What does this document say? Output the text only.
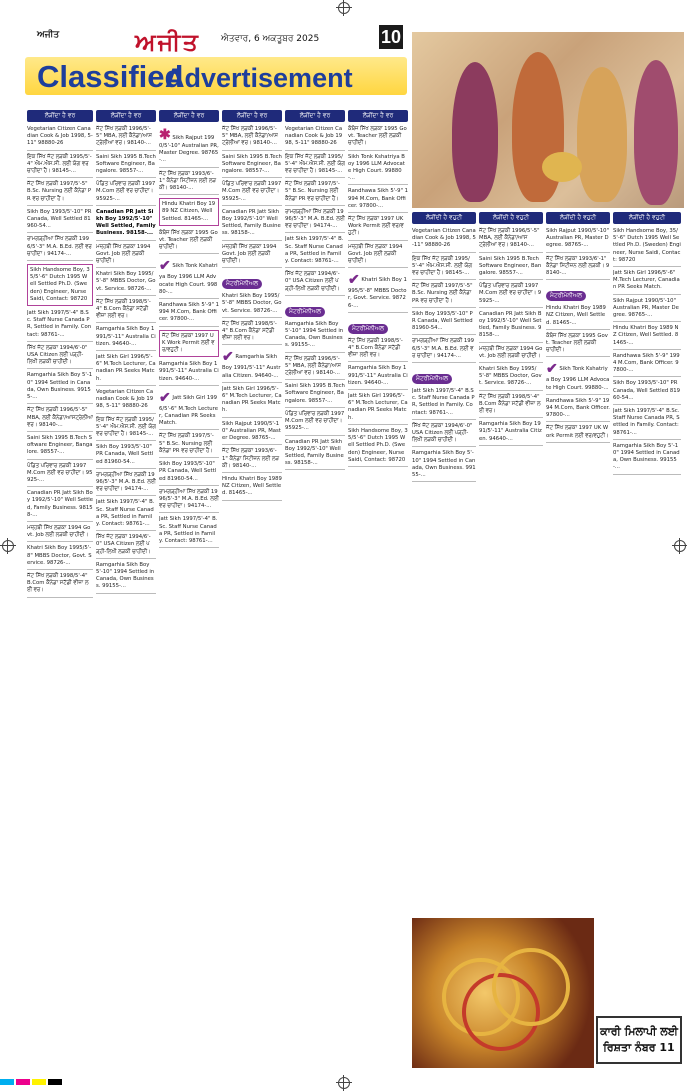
ਅਜੀਤ	ਅਜੀਤ ਐਤਵਾਰ, 6 ਅਕਤੂਬਰ 2025	10
Classified
Advertisement
ਲੋੜੀਂਦਾ ਹੈ ਵਰ
Vegetarian Citizen Canadian Cook & Job 1998, 5-11" 98880-26
ਇਕ ਸਿੱਖ ਜੱਟ ਲੜਕੀ 1995/5'-4" ਐਮ.ਐਸ.ਸੀ. ਲਈ ਯੋਗ ਵਰ ਚਾਹੀਦਾ ਹੈ। 98145-...
ਜੱਟ ਸਿੱਖ ਲੜਕੀ 1997/5'-5" B.Sc. Nursing ਲਈ ਕੈਨੇਡਾ PR ਵਰ ਚਾਹੀਦਾ ਹੈ।
Sikh Boy 1993/5'-10" PR Canada, Well Settled 81960-54...
ਰਾਮਗੜ੍ਹੀਆ ਸਿੱਖ ਲੜਕੀ 1996/5'-3" M.A. B.Ed. ਲਈ ਵਰ ਚਾਹੀਦਾ। 94174-...
Sikh Handsome Boy, 35/5'-6" Dutch 1995 Well Settled Ph.D. (Sweden) Engineer, Nurse Saidi, Contact: 98720
Jatt Sikh 1997/5'-4" B.Sc. Staff Nurse Canada PR, Settled in Family. Contact: 98761-...
ਸਿੱਖ ਜੱਟ ਲੜਕਾ 1994/6'-0" USA Citizen ਲਈ ਪੜ੍ਹੀ-ਲਿਖੀ ਲੜਕੀ ਚਾਹੀਦੀ।
Ramgarhia Sikh Boy 5'-10" 1994 Settled in Canada, Own Business. 99155-...
ਜੱਟ ਸਿੱਖ ਲੜਕੀ 1996/5'-5" MBA, ਲਈ ਕੈਨੇਡਾ/ਆਸਟ੍ਰੇਲੀਆ ਵਰ। 98140-...
Saini Sikh 1995 B.Tech Software Engineer, Bangalore. 98557-...
ਪੰਡਿਤ ਪਰਿਵਾਰ ਲੜਕੀ 1997 M.Com ਲਈ ਵਰ ਚਾਹੀਦਾ। 95925-...
Canadian PR Jatt Sikh Boy 1992/5'-10" Well Settled, Family Business. 98158-...
ਮਜ਼੍ਹਬੀ ਸਿੱਖ ਲੜਕਾ 1994 Govt. Job ਲਈ ਲੜਕੀ ਚਾਹੀਦੀ।
Khatri Sikh Boy 1995/5'-8" MBBS Doctor, Govt. Service. 98726-...
ਜੱਟ ਸਿੱਖ ਲੜਕੀ 1998/5'-4" B.Com ਕੈਨੇਡਾ ਸਟੱਡੀ ਵੀਜ਼ਾ ਲਈ ਵਰ।
ਲੋੜੀਂਦਾ ਹੈ ਵਰ
ਜੱਟ ਸਿੱਖ ਲੜਕੀ 1996/5'-5" MBA, ਲਈ ਕੈਨੇਡਾ/ਆਸਟ੍ਰੇਲੀਆ ਵਰ। 98140-...
Saini Sikh 1995 B.Tech Software Engineer, Bangalore. 98557-...
ਪੰਡਿਤ ਪਰਿਵਾਰ ਲੜਕੀ 1997 M.Com ਲਈ ਵਰ ਚਾਹੀਦਾ। 95925-...
Canadian PR Jatt Sikh Boy 1992/5'-10" Well Settled, Family Business. 98158-...
ਮਜ਼੍ਹਬੀ ਸਿੱਖ ਲੜਕਾ 1994 Govt. Job ਲਈ ਲੜਕੀ ਚਾਹੀਦੀ।
Khatri Sikh Boy 1995/5'-8" MBBS Doctor, Govt. Service. 98726-...
ਜੱਟ ਸਿੱਖ ਲੜਕੀ 1998/5'-4" B.Com ਕੈਨੇਡਾ ਸਟੱਡੀ ਵੀਜ਼ਾ ਲਈ ਵਰ।
Ramgarhia Sikh Boy 1991/5'-11" Australia Citizen. 94640-...
Jatt Sikh Girl 1996/5'-6" M.Tech Lecturer, Canadian PR Seeks Match.
Vegetarian Citizen Canadian Cook & Job 1998, 5-11" 98880-26
ਇਕ ਸਿੱਖ ਜੱਟ ਲੜਕੀ 1995/5'-4" ਐਮ.ਐਸ.ਸੀ. ਲਈ ਯੋਗ ਵਰ ਚਾਹੀਦਾ ਹੈ। 98145-...
Sikh Boy 1993/5'-10" PR Canada, Well Settled 81960-54...
ਰਾਮਗੜ੍ਹੀਆ ਸਿੱਖ ਲੜਕੀ 1996/5'-3" M.A. B.Ed. ਲਈ ਵਰ ਚਾਹੀਦਾ। 94174-...
Jatt Sikh 1997/5'-4" B.Sc. Staff Nurse Canada PR, Settled in Family. Contact: 98761-...
ਸਿੱਖ ਜੱਟ ਲੜਕਾ 1994/6'-0" USA Citizen ਲਈ ਪੜ੍ਹੀ-ਲਿਖੀ ਲੜਕੀ ਚਾਹੀਦੀ।
Ramgarhia Sikh Boy 5'-10" 1994 Settled in Canada, Own Business. 99155-...
ਲੋੜੀਂਦਾ ਹੈ ਵਰ
✱ Sikh Rajput 1990/5'-10" Australian PR, Master Degree. 98765-...
ਜੱਟ ਸਿੱਖ ਲੜਕਾ 1993/6'-1" ਕੈਨੇਡਾ ਸਿਟੀਜ਼ਨ ਲਈ ਲੜਕੀ। 98140-...
Hindu Khatri Boy 1989 NZ Citizen, Well Settled. 81465-...
ਕੰਬੋਜ ਸਿੱਖ ਲੜਕਾ 1995 Govt. Teacher ਲਈ ਲੜਕੀ ਚਾਹੀਦੀ।
✔ Sikh Tonk Kshatriya Boy 1996 LLM Advocate High Court. 99880-...
Randhawa Sikh 5'-9" 1994 M.Com, Bank Officer. 97800-...
ਜੱਟ ਸਿੱਖ ਲੜਕਾ 1997 UK Work Permit ਲਈ ਵਰ/ਵਹੁਟੀ।
Ramgarhia Sikh Boy 1991/5'-11" Australia Citizen. 94640-...
✔ Jatt Sikh Girl 1996/5'-6" M.Tech Lecturer, Canadian PR Seeks Match.
ਜੱਟ ਸਿੱਖ ਲੜਕੀ 1997/5'-5" B.Sc. Nursing ਲਈ ਕੈਨੇਡਾ PR ਵਰ ਚਾਹੀਦਾ ਹੈ।
Sikh Boy 1993/5'-10" PR Canada, Well Settled 81960-54...
ਰਾਮਗੜ੍ਹੀਆ ਸਿੱਖ ਲੜਕੀ 1996/5'-3" M.A. B.Ed. ਲਈ ਵਰ ਚਾਹੀਦਾ। 94174-...
Jatt Sikh 1997/5'-4" B.Sc. Staff Nurse Canada PR, Settled in Family. Contact: 98761-...
ਲੋੜੀਂਦਾ ਹੈ ਵਰ
ਜੱਟ ਸਿੱਖ ਲੜਕੀ 1996/5'-5" MBA, ਲਈ ਕੈਨੇਡਾ/ਆਸਟ੍ਰੇਲੀਆ ਵਰ। 98140-...
Saini Sikh 1995 B.Tech Software Engineer, Bangalore. 98557-...
ਪੰਡਿਤ ਪਰਿਵਾਰ ਲੜਕੀ 1997 M.Com ਲਈ ਵਰ ਚਾਹੀਦਾ। 95925-...
Canadian PR Jatt Sikh Boy 1992/5'-10" Well Settled, Family Business. 98158-...
ਮਜ਼੍ਹਬੀ ਸਿੱਖ ਲੜਕਾ 1994 Govt. Job ਲਈ ਲੜਕੀ ਚਾਹੀਦੀ।
ਮੈਟਰੀਮੋਨੀਅਲ
Khatri Sikh Boy 1995/5'-8" MBBS Doctor, Govt. Service. 98726-...
ਜੱਟ ਸਿੱਖ ਲੜਕੀ 1998/5'-4" B.Com ਕੈਨੇਡਾ ਸਟੱਡੀ ਵੀਜ਼ਾ ਲਈ ਵਰ।
✔ Ramgarhia Sikh Boy 1991/5'-11" Australia Citizen. 94640-...
Jatt Sikh Girl 1996/5'-6" M.Tech Lecturer, Canadian PR Seeks Match.
Sikh Rajput 1990/5'-10" Australian PR, Master Degree. 98765-...
ਜੱਟ ਸਿੱਖ ਲੜਕਾ 1993/6'-1" ਕੈਨੇਡਾ ਸਿਟੀਜ਼ਨ ਲਈ ਲੜਕੀ। 98140-...
Hindu Khatri Boy 1989 NZ Citizen, Well Settled. 81465-...
ਲੋੜੀਂਦਾ ਹੈ ਵਰ
Vegetarian Citizen Canadian Cook & Job 1998, 5-11" 98880-26
ਇਕ ਸਿੱਖ ਜੱਟ ਲੜਕੀ 1995/5'-4" ਐਮ.ਐਸ.ਸੀ. ਲਈ ਯੋਗ ਵਰ ਚਾਹੀਦਾ ਹੈ। 98145-...
ਜੱਟ ਸਿੱਖ ਲੜਕੀ 1997/5'-5" B.Sc. Nursing ਲਈ ਕੈਨੇਡਾ PR ਵਰ ਚਾਹੀਦਾ ਹੈ।
ਰਾਮਗੜ੍ਹੀਆ ਸਿੱਖ ਲੜਕੀ 1996/5'-3" M.A. B.Ed. ਲਈ ਵਰ ਚਾਹੀਦਾ। 94174-...
Jatt Sikh 1997/5'-4" B.Sc. Staff Nurse Canada PR, Settled in Family. Contact: 98761-...
ਸਿੱਖ ਜੱਟ ਲੜਕਾ 1994/6'-0" USA Citizen ਲਈ ਪੜ੍ਹੀ-ਲਿਖੀ ਲੜਕੀ ਚਾਹੀਦੀ।
ਮੈਟਰੀਮੋਨੀਅਲ
Ramgarhia Sikh Boy 5'-10" 1994 Settled in Canada, Own Business. 99155-...
ਜੱਟ ਸਿੱਖ ਲੜਕੀ 1996/5'-5" MBA, ਲਈ ਕੈਨੇਡਾ/ਆਸਟ੍ਰੇਲੀਆ ਵਰ। 98140-...
Saini Sikh 1995 B.Tech Software Engineer, Bangalore. 98557-...
ਪੰਡਿਤ ਪਰਿਵਾਰ ਲੜਕੀ 1997 M.Com ਲਈ ਵਰ ਚਾਹੀਦਾ। 95925-...
Canadian PR Jatt Sikh Boy 1992/5'-10" Well Settled, Family Business. 98158-...
ਲੋੜੀਂਦਾ ਹੈ ਵਰ
ਕੰਬੋਜ ਸਿੱਖ ਲੜਕਾ 1995 Govt. Teacher ਲਈ ਲੜਕੀ ਚਾਹੀਦੀ।
Sikh Tonk Kshatriya Boy 1996 LLM Advocate High Court. 99880-...
Randhawa Sikh 5'-9" 1994 M.Com, Bank Officer. 97800-...
ਜੱਟ ਸਿੱਖ ਲੜਕਾ 1997 UK Work Permit ਲਈ ਵਰ/ਵਹੁਟੀ।
ਮਜ਼੍ਹਬੀ ਸਿੱਖ ਲੜਕਾ 1994 Govt. Job ਲਈ ਲੜਕੀ ਚਾਹੀਦੀ।
✔ Khatri Sikh Boy 1995/5'-8" MBBS Doctor, Govt. Service. 98726-...
ਮੈਟਰੀਮੋਨੀਅਲ
ਜੱਟ ਸਿੱਖ ਲੜਕੀ 1998/5'-4" B.Com ਕੈਨੇਡਾ ਸਟੱਡੀ ਵੀਜ਼ਾ ਲਈ ਵਰ।
Ramgarhia Sikh Boy 1991/5'-11" Australia Citizen. 94640-...
Jatt Sikh Girl 1996/5'-6" M.Tech Lecturer, Canadian PR Seeks Match.
Sikh Handsome Boy, 35/5'-6" Dutch 1995 Well Settled Ph.D. (Sweden) Engineer, Nurse Saidi, Contact: 98720
ਲੋੜੀਂਦੀ ਹੈ ਵਹੁਟੀ
Vegetarian Citizen Canadian Cook & Job 1998, 5-11" 98880-26
ਇਕ ਸਿੱਖ ਜੱਟ ਲੜਕੀ 1995/5'-4" ਐਮ.ਐਸ.ਸੀ. ਲਈ ਯੋਗ ਵਰ ਚਾਹੀਦਾ ਹੈ। 98145-...
ਜੱਟ ਸਿੱਖ ਲੜਕੀ 1997/5'-5" B.Sc. Nursing ਲਈ ਕੈਨੇਡਾ PR ਵਰ ਚਾਹੀਦਾ ਹੈ।
Sikh Boy 1993/5'-10" PR Canada, Well Settled 81960-54...
ਰਾਮਗੜ੍ਹੀਆ ਸਿੱਖ ਲੜਕੀ 1996/5'-3" M.A. B.Ed. ਲਈ ਵਰ ਚਾਹੀਦਾ। 94174-...
ਮੈਟਰੀਮੋਨੀਅਲ
Jatt Sikh 1997/5'-4" B.Sc. Staff Nurse Canada PR, Settled in Family. Contact: 98761-...
ਸਿੱਖ ਜੱਟ ਲੜਕਾ 1994/6'-0" USA Citizen ਲਈ ਪੜ੍ਹੀ-ਲਿਖੀ ਲੜਕੀ ਚਾਹੀਦੀ।
Ramgarhia Sikh Boy 5'-10" 1994 Settled in Canada, Own Business. 99155-...
ਲੋੜੀਂਦੀ ਹੈ ਵਹੁਟੀ
ਜੱਟ ਸਿੱਖ ਲੜਕੀ 1996/5'-5" MBA, ਲਈ ਕੈਨੇਡਾ/ਆਸਟ੍ਰੇਲੀਆ ਵਰ। 98140-...
Saini Sikh 1995 B.Tech Software Engineer, Bangalore. 98557-...
ਪੰਡਿਤ ਪਰਿਵਾਰ ਲੜਕੀ 1997 M.Com ਲਈ ਵਰ ਚਾਹੀਦਾ। 95925-...
Canadian PR Jatt Sikh Boy 1992/5'-10" Well Settled, Family Business. 98158-...
ਮਜ਼੍ਹਬੀ ਸਿੱਖ ਲੜਕਾ 1994 Govt. Job ਲਈ ਲੜਕੀ ਚਾਹੀਦੀ।
Khatri Sikh Boy 1995/5'-8" MBBS Doctor, Govt. Service. 98726-...
ਜੱਟ ਸਿੱਖ ਲੜਕੀ 1998/5'-4" B.Com ਕੈਨੇਡਾ ਸਟੱਡੀ ਵੀਜ਼ਾ ਲਈ ਵਰ।
Ramgarhia Sikh Boy 1991/5'-11" Australia Citizen. 94640-...
ਲੋੜੀਂਦੀ ਹੈ ਵਹੁਟੀ
Sikh Rajput 1990/5'-10" Australian PR, Master Degree. 98765-...
ਜੱਟ ਸਿੱਖ ਲੜਕਾ 1993/6'-1" ਕੈਨੇਡਾ ਸਿਟੀਜ਼ਨ ਲਈ ਲੜਕੀ। 98140-...
ਮੈਟਰੀਮੋਨੀਅਲ
Hindu Khatri Boy 1989 NZ Citizen, Well Settled. 81465-...
ਕੰਬੋਜ ਸਿੱਖ ਲੜਕਾ 1995 Govt. Teacher ਲਈ ਲੜਕੀ ਚਾਹੀਦੀ।
✔ Sikh Tonk Kshatriya Boy 1996 LLM Advocate High Court. 99880-...
Randhawa Sikh 5'-9" 1994 M.Com, Bank Officer. 97800-...
ਜੱਟ ਸਿੱਖ ਲੜਕਾ 1997 UK Work Permit ਲਈ ਵਰ/ਵਹੁਟੀ।
ਲੋੜੀਂਦੀ ਹੈ ਵਹੁਟੀ
Sikh Handsome Boy, 35/5'-6" Dutch 1995 Well Settled Ph.D. (Sweden) Engineer, Nurse Saidi, Contact: 98720
Jatt Sikh Girl 1996/5'-6" M.Tech Lecturer, Canadian PR Seeks Match.
Sikh Rajput 1990/5'-10" Australian PR, Master Degree. 98765-...
Hindu Khatri Boy 1989 NZ Citizen, Well Settled. 81465-...
Randhawa Sikh 5'-9" 1994 M.Com, Bank Officer. 97800-...
Sikh Boy 1993/5'-10" PR Canada, Well Settled 81960-54...
Jatt Sikh 1997/5'-4" B.Sc. Staff Nurse Canada PR, Settled in Family. Contact: 98761-...
Ramgarhia Sikh Boy 5'-10" 1994 Settled in Canada, Own Business. 99155-...
ਕਾਰੀ ਮਿਲਾਪੀ ਲਈ
ਰਿਸ਼ਤਾ ਨੰਬਰ 11
